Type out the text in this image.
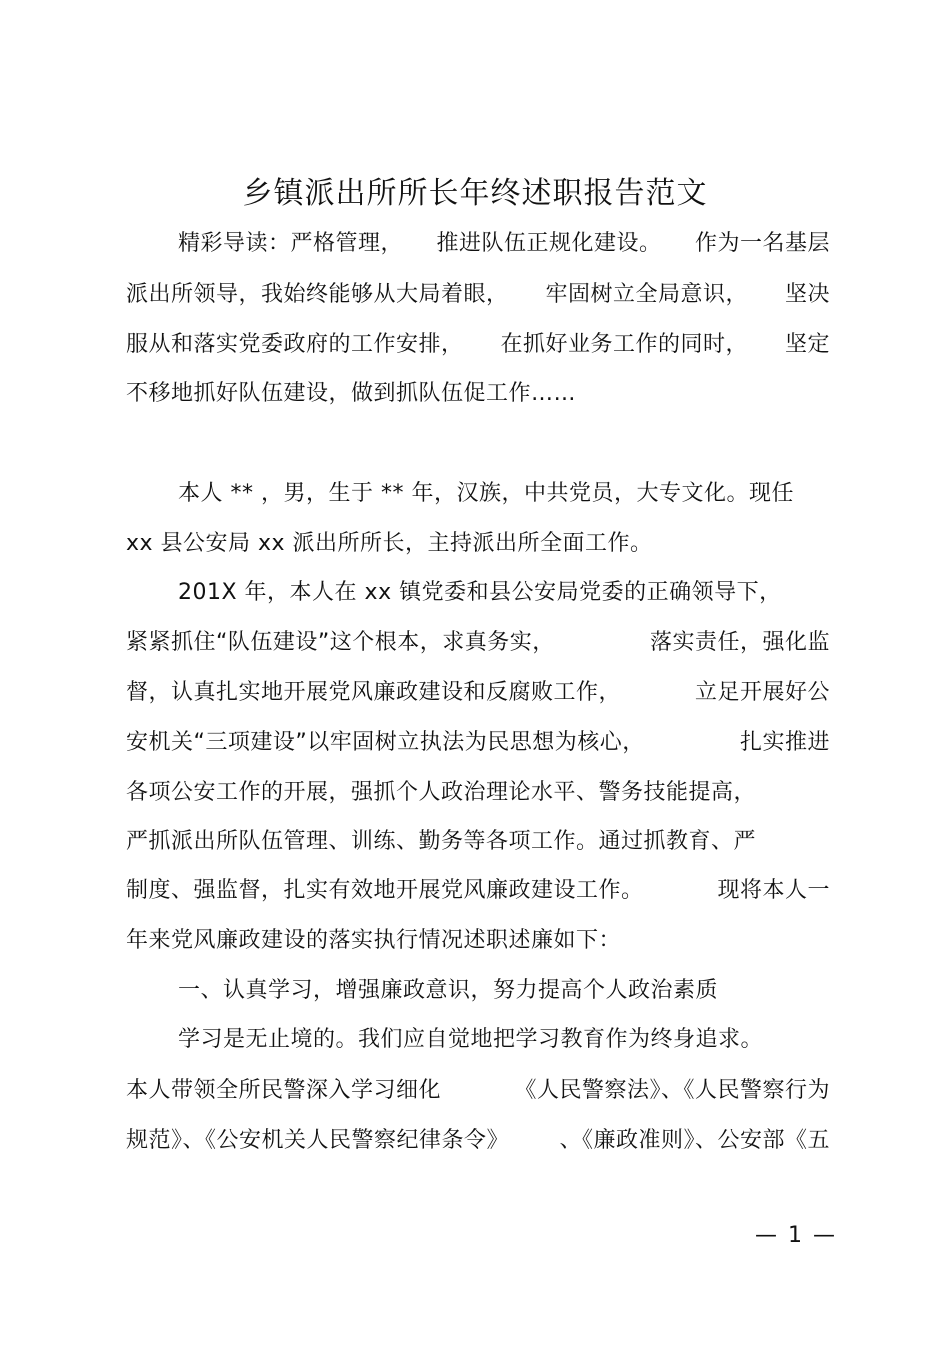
乡镇派出所所长年终述职报告范文
精彩导读：严格管理， 推进队伍正规化建设。 作为一名基层
派出所领导，我始终能够从大局着眼， 牢固树立全局意识， 坚决
服从和落实党委政府的工作安排， 在抓好业务工作的同时， 坚定
不移地抓好队伍建设，做到抓队伍促工作……
本人 ** ，男，生于 ** 年，汉族，中共党员，大专文化。现任
xx 县公安局 xx 派出所所长，主持派出所全面工作。
201X 年，本人在 xx 镇党委和县公安局党委的正确领导下，
紧紧抓住“队伍建设”这个根本，求真务实，	落实责任，强化监
督，认真扎实地开展党风廉政建设和反腐败工作，	立足开展好公
安机关“三项建设”以牢固树立执法为民思想为核心，	扎实推进
各项公安工作的开展，强抓个人政治理论水平、警务技能提高，
严抓派出所队伍管理、训练、勤务等各项工作。通过抓教育、严
制度、强监督，扎实有效地开展党风廉政建设工作。	现将本人一
年来党风廉政建设的落实执行情况述职述廉如下：
一、认真学习，增强廉政意识，努力提高个人政治素质
学习是无止境的。我们应自觉地把学习教育作为终身追求。
本人带领全所民警深入学习细化	《人民警察法》、《人民警察行为
规范》、《公安机关人民警察纪律条令》 、《廉政准则》、公安部《五
— 1 —
